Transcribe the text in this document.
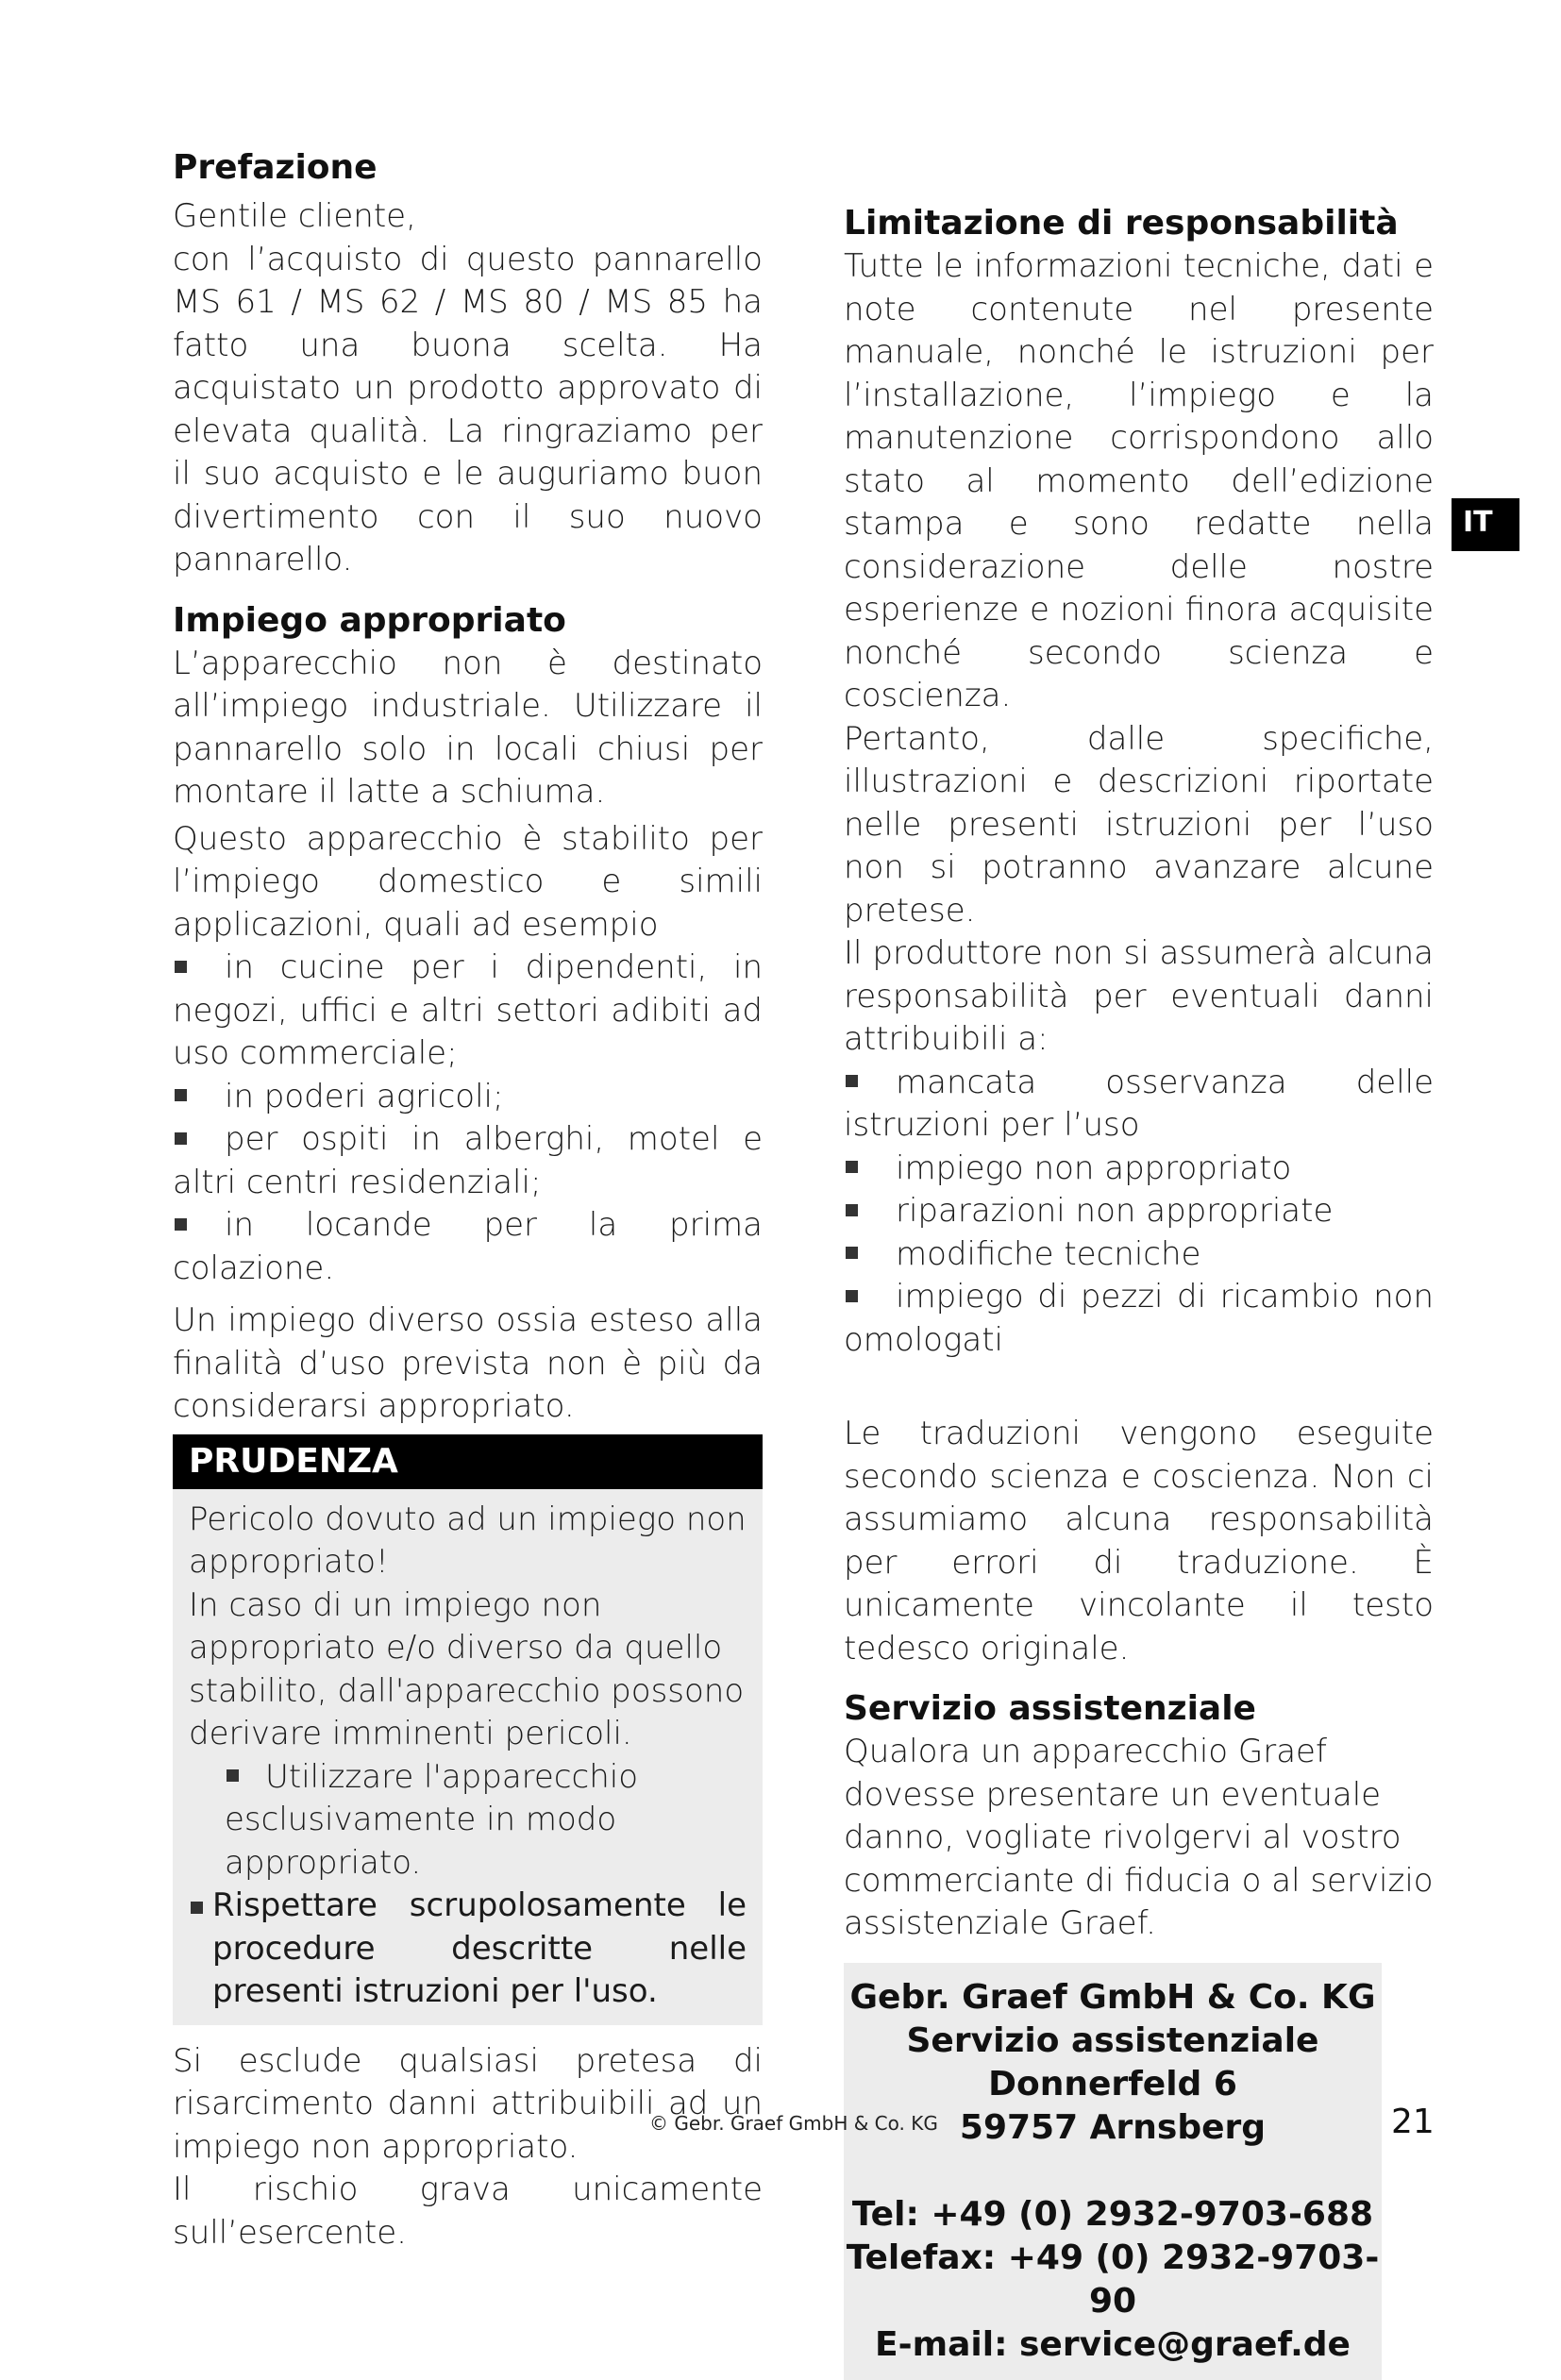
Prefazione

Gentile cliente,

con l’acquisto di questo pannarello MS 61 / MS 62 / MS 80 / MS 85 ha fatto una buona scelta. Ha acquistato un prodotto approvato di elevata qualità. La ringraziamo per il suo acquisto e le auguriamo buon divertimento con il suo nuovo pannarello.

Impiego appropriato

L’apparecchio non è destinato all’impiego industriale. Utilizzare il pannarello solo in locali chiusi per montare il latte a schiuma.

Questo apparecchio è stabilito per l’impiego domestico e simili applicazioni, quali ad esempio

in cucine per i dipendenti, in negozi, uffici e altri settori adibiti ad uso commerciale;

in poderi agricoli;

per ospiti in alberghi, motel e altri centri residenziali;

in locande per la prima colazione.

Un impiego diverso ossia esteso alla finalità d’uso prevista non è più da considerarsi appropriato.

PRUDENZA

Pericolo dovuto ad un impiego non appropriato!

In caso di un impiego non appropriato e/o diverso da quello stabilito, dall'apparecchio possono derivare imminenti pericoli.

Utilizzare l'apparecchio esclusivamente in modo appropriato.

Rispettare scrupolosamente le procedure descritte nelle presenti istruzioni per l'uso.

Si esclude qualsiasi pretesa di risarcimento danni attribuibili ad un impiego non appropriato.

Il rischio grava unicamente sull’esercente.

Limitazione di responsabilità

Tutte le informazioni tecniche, dati e note contenute nel presente manuale, nonché le istruzioni per l’installazione, l’impiego e la manutenzione corrispondono allo stato al momento dell’edizione stampa e sono redatte nella considerazione delle nostre esperienze e nozioni finora acquisite nonché secondo scienza e coscienza.

Pertanto, dalle specifiche, illustrazioni e descrizioni riportate nelle presenti istruzioni per l’uso non si potranno avanzare alcune pretese.

Il produttore non si assumerà alcuna responsabilità per eventuali danni attribuibili a:

mancata osservanza delle istruzioni per l’uso

impiego non appropriato

riparazioni non appropriate

modifiche tecniche

impiego di pezzi di ricambio non omologati

Le traduzioni vengono eseguite secondo scienza e coscienza. Non ci assumiamo alcuna responsabilità per errori di traduzione. È unicamente vincolante il testo tedesco originale.

Servizio assistenziale

Qualora un apparecchio Graef dovesse presentare un eventuale danno, vogliate rivolgervi al vostro commerciante di fiducia o al servizio assistenziale Graef.

Gebr. Graef GmbH & Co. KG
Servizio assistenziale
Donnerfeld 6
59757 Arnsberg
Tel: +49 (0) 2932-9703-688
Telefax: +49 (0) 2932-9703-90
E-mail: service@graef.de
IT
© Gebr. Graef GmbH & Co. KG	21
